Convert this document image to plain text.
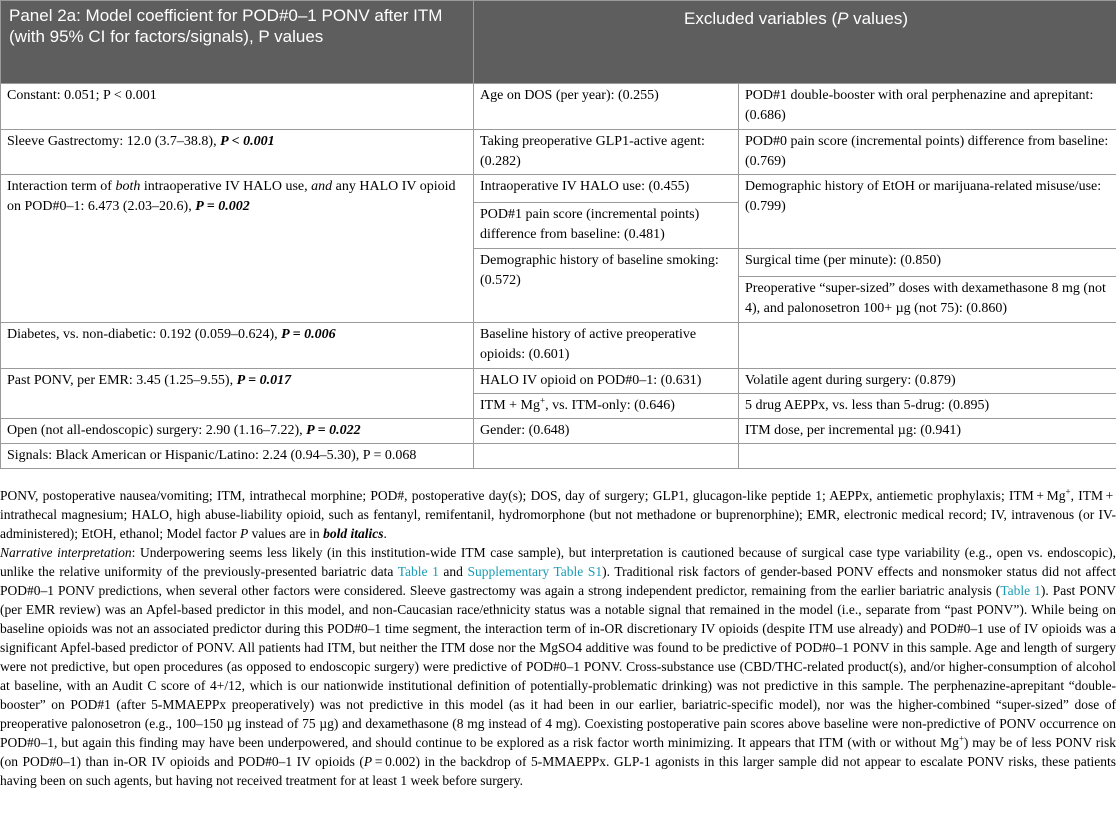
Panel 2a: Model coefficient for POD#0–1 PONV after ITM (with 95% CI for factors/signals), P values	Excluded variables (P values)	
Constant: 0.051; P < 0.001	Age on DOS (per year): (0.255)	POD#1 double-booster with oral perphenazine and aprepitant: (0.686)
Sleeve Gastrectomy: 12.0 (3.7–38.8), P < 0.001	Taking preoperative GLP1-active agent: (0.282)	POD#0 pain score (incremental points) difference from baseline: (0.769)
Interaction term of both intraoperative IV HALO use, and any HALO IV opioid on POD#0–1: 6.473 (2.03–20.6), P = 0.002	Intraoperative IV HALO use: (0.455)	Demographic history of EtOH or marijuana-related misuse/use: (0.799)
	POD#1 pain score (incremental points) difference from baseline: (0.481)	
	Demographic history of baseline smoking: (0.572)	Surgical time (per minute): (0.850)
		Preoperative “super-sized” doses with dexamethasone 8 mg (not 4), and palonosetron 100+ µg (not 75): (0.860)
Diabetes, vs. non-diabetic: 0.192 (0.059–0.624), P = 0.006	Baseline history of active preoperative opioids: (0.601)	
Past PONV, per EMR: 3.45 (1.25–9.55), P = 0.017	HALO IV opioid on POD#0–1: (0.631)	Volatile agent during surgery: (0.879)
	ITM + Mg+, vs. ITM-only: (0.646)	5 drug AEPPx, vs. less than 5-drug: (0.895)
Open (not all-endoscopic) surgery: 2.90 (1.16–7.22), P = 0.022	Gender: (0.648)	ITM dose, per incremental µg: (0.941)
Signals: Black American or Hispanic/Latino: 2.24 (0.94–5.30), P = 0.068		

PONV, postoperative nausea/vomiting; ITM, intrathecal morphine; POD#, postoperative day(s); DOS, day of surgery; GLP1, glucagon-like peptide 1; AEPPx, antiemetic prophylaxis; ITM + Mg+, ITM + intrathecal magnesium; HALO, high abuse-liability opioid, such as fentanyl, remifentanil, hydromorphone (but not methadone or buprenorphine); EMR, electronic medical record; IV, intravenous (or IV-administered); EtOH, ethanol; Model factor P values are in bold italics.

Narrative interpretation: Underpowering seems less likely (in this institution-wide ITM case sample), but interpretation is cautioned because of surgical case type variability (e.g., open vs. endoscopic), unlike the relative uniformity of the previously-presented bariatric data Table 1 and Supplementary Table S1). Traditional risk factors of gender-based PONV effects and nonsmoker status did not affect POD#0–1 PONV predictions, when several other factors were considered. Sleeve gastrectomy was again a strong independent predictor, remaining from the earlier bariatric analysis (Table 1). Past PONV (per EMR review) was an Apfel-based predictor in this model, and non-Caucasian race/ethnicity status was a notable signal that remained in the model (i.e., separate from “past PONV”). While being on baseline opioids was not an associated predictor during this POD#0–1 time segment, the interaction term of in-OR discretionary IV opioids (despite ITM use already) and POD#0–1 use of IV opioids was a significant Apfel-based predictor of PONV. All patients had ITM, but neither the ITM dose nor the MgSO4 additive was found to be predictive of POD#0–1 PONV in this sample. Age and length of surgery were not predictive, but open procedures (as opposed to endoscopic surgery) were predictive of POD#0–1 PONV. Cross-substance use (CBD/THC-related product(s), and/or higher-consumption of alcohol at baseline, with an Audit C score of 4+/12, which is our nationwide institutional definition of potentially-problematic drinking) was not predictive in this sample. The perphenazine-aprepitant “double-booster” on POD#1 (after 5-MMAEPPx preoperatively) was not predictive in this model (as it had been in our earlier, bariatric-specific model), nor was the higher-combined “super-sized” dose of preoperative palonosetron (e.g., 100–150 µg instead of 75 µg) and dexamethasone (8 mg instead of 4 mg). Coexisting postoperative pain scores above baseline were non-predictive of PONV occurrence on POD#0–1, but again this finding may have been underpowered, and should continue to be explored as a risk factor worth minimizing. It appears that ITM (with or without Mg+) may be of less PONV risk (on POD#0–1) than in-OR IV opioids and POD#0–1 IV opioids (P = 0.002) in the backdrop of 5-MMAEPPx. GLP-1 agonists in this larger sample did not appear to escalate PONV risks, these patients having been on such agents, but having not received treatment for at least 1 week before surgery.
